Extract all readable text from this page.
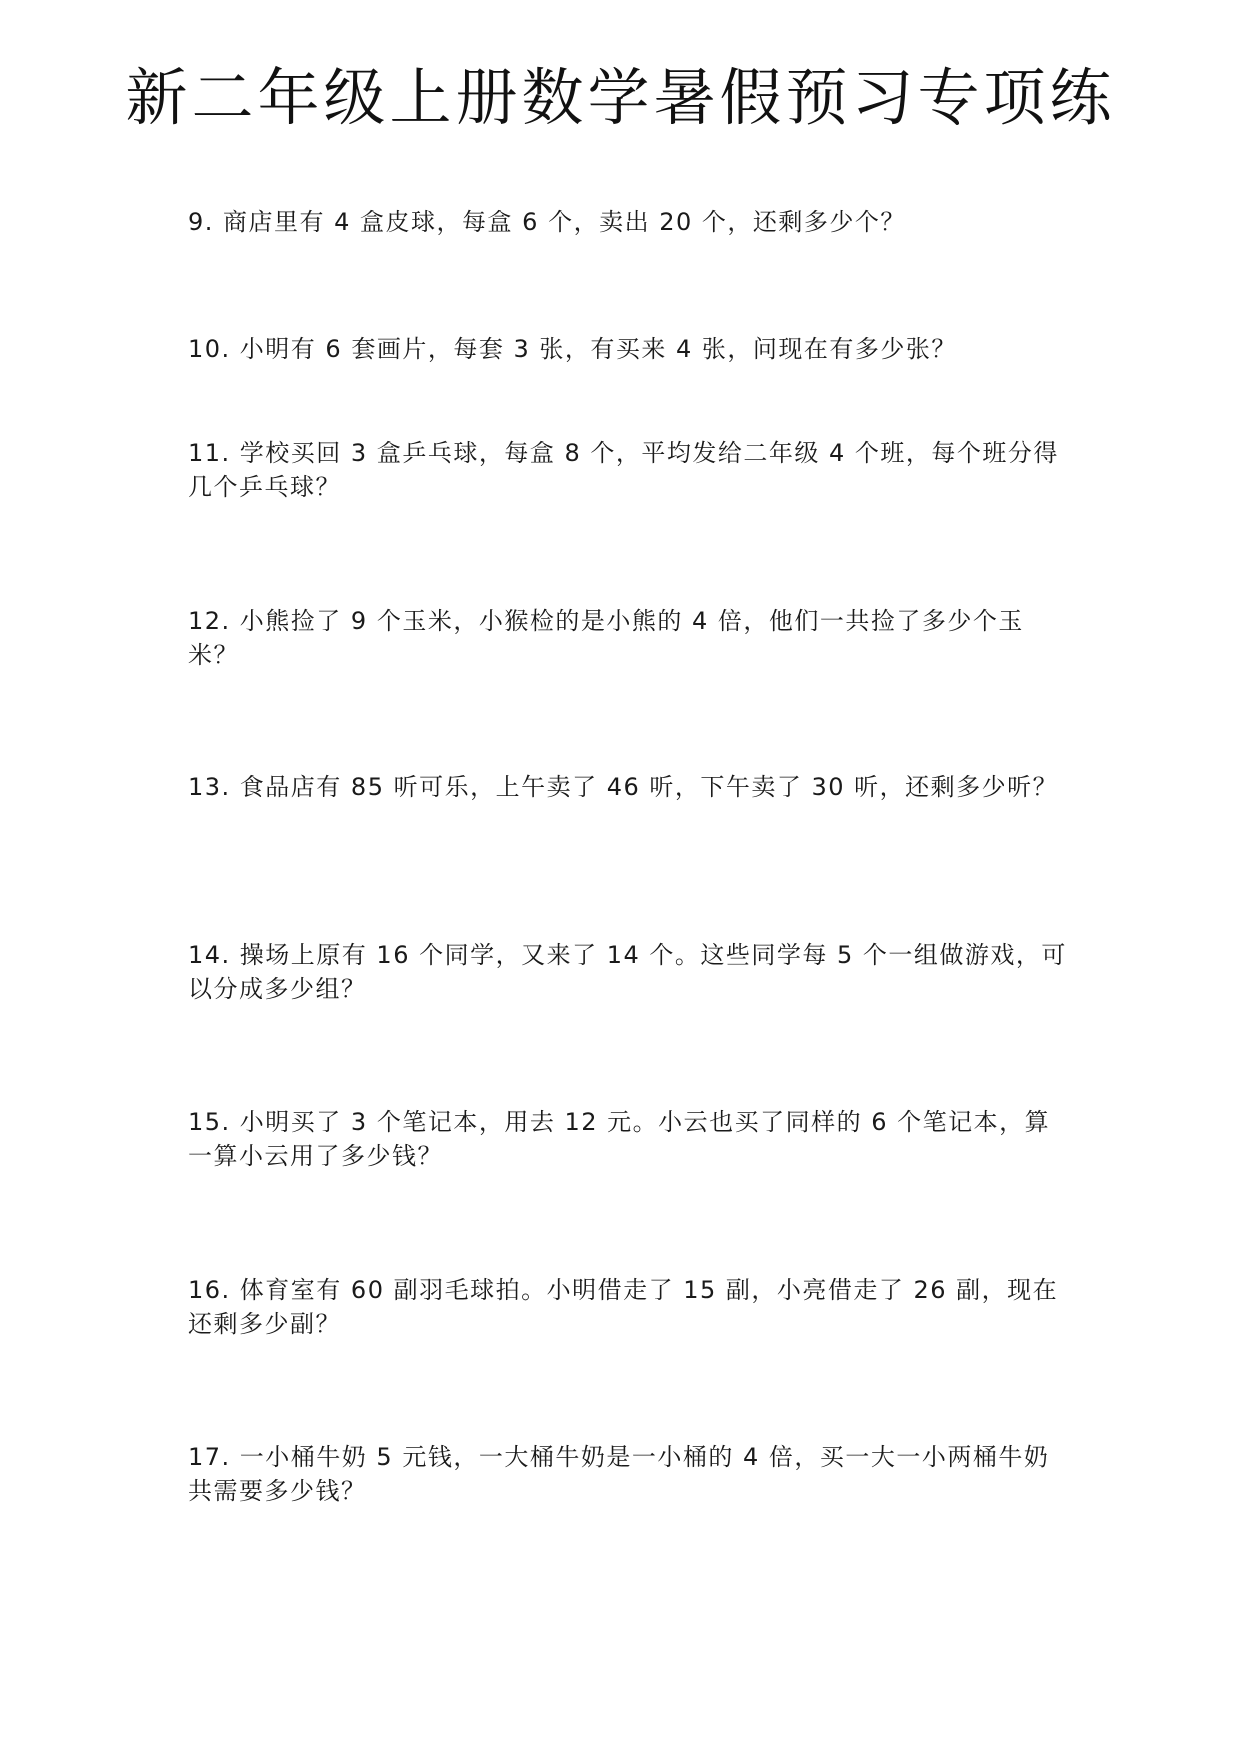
新二年级上册数学暑假预习专项练

9. 商店里有 4 盒皮球，每盒 6 个，卖出 20 个，还剩多少个？

10. 小明有 6 套画片，每套 3 张，有买来 4 张，问现在有多少张？

11. 学校买回 3 盒乒乓球，每盒 8 个，平均发给二年级 4 个班，每个班分得几个乒乓球？

12. 小熊捡了 9 个玉米，小猴检的是小熊的 4 倍，他们一共捡了多少个玉米？

13. 食品店有 85 听可乐，上午卖了 46 听，下午卖了 30 听，还剩多少听？

14. 操场上原有 16 个同学，又来了 14 个。这些同学每 5 个一组做游戏，可以分成多少组？

15. 小明买了 3 个笔记本，用去 12 元。小云也买了同样的 6 个笔记本，算一算小云用了多少钱？

16. 体育室有 60 副羽毛球拍。小明借走了 15 副，小亮借走了 26 副，现在还剩多少副？

17. 一小桶牛奶 5 元钱，一大桶牛奶是一小桶的 4 倍，买一大一小两桶牛奶共需要多少钱？
